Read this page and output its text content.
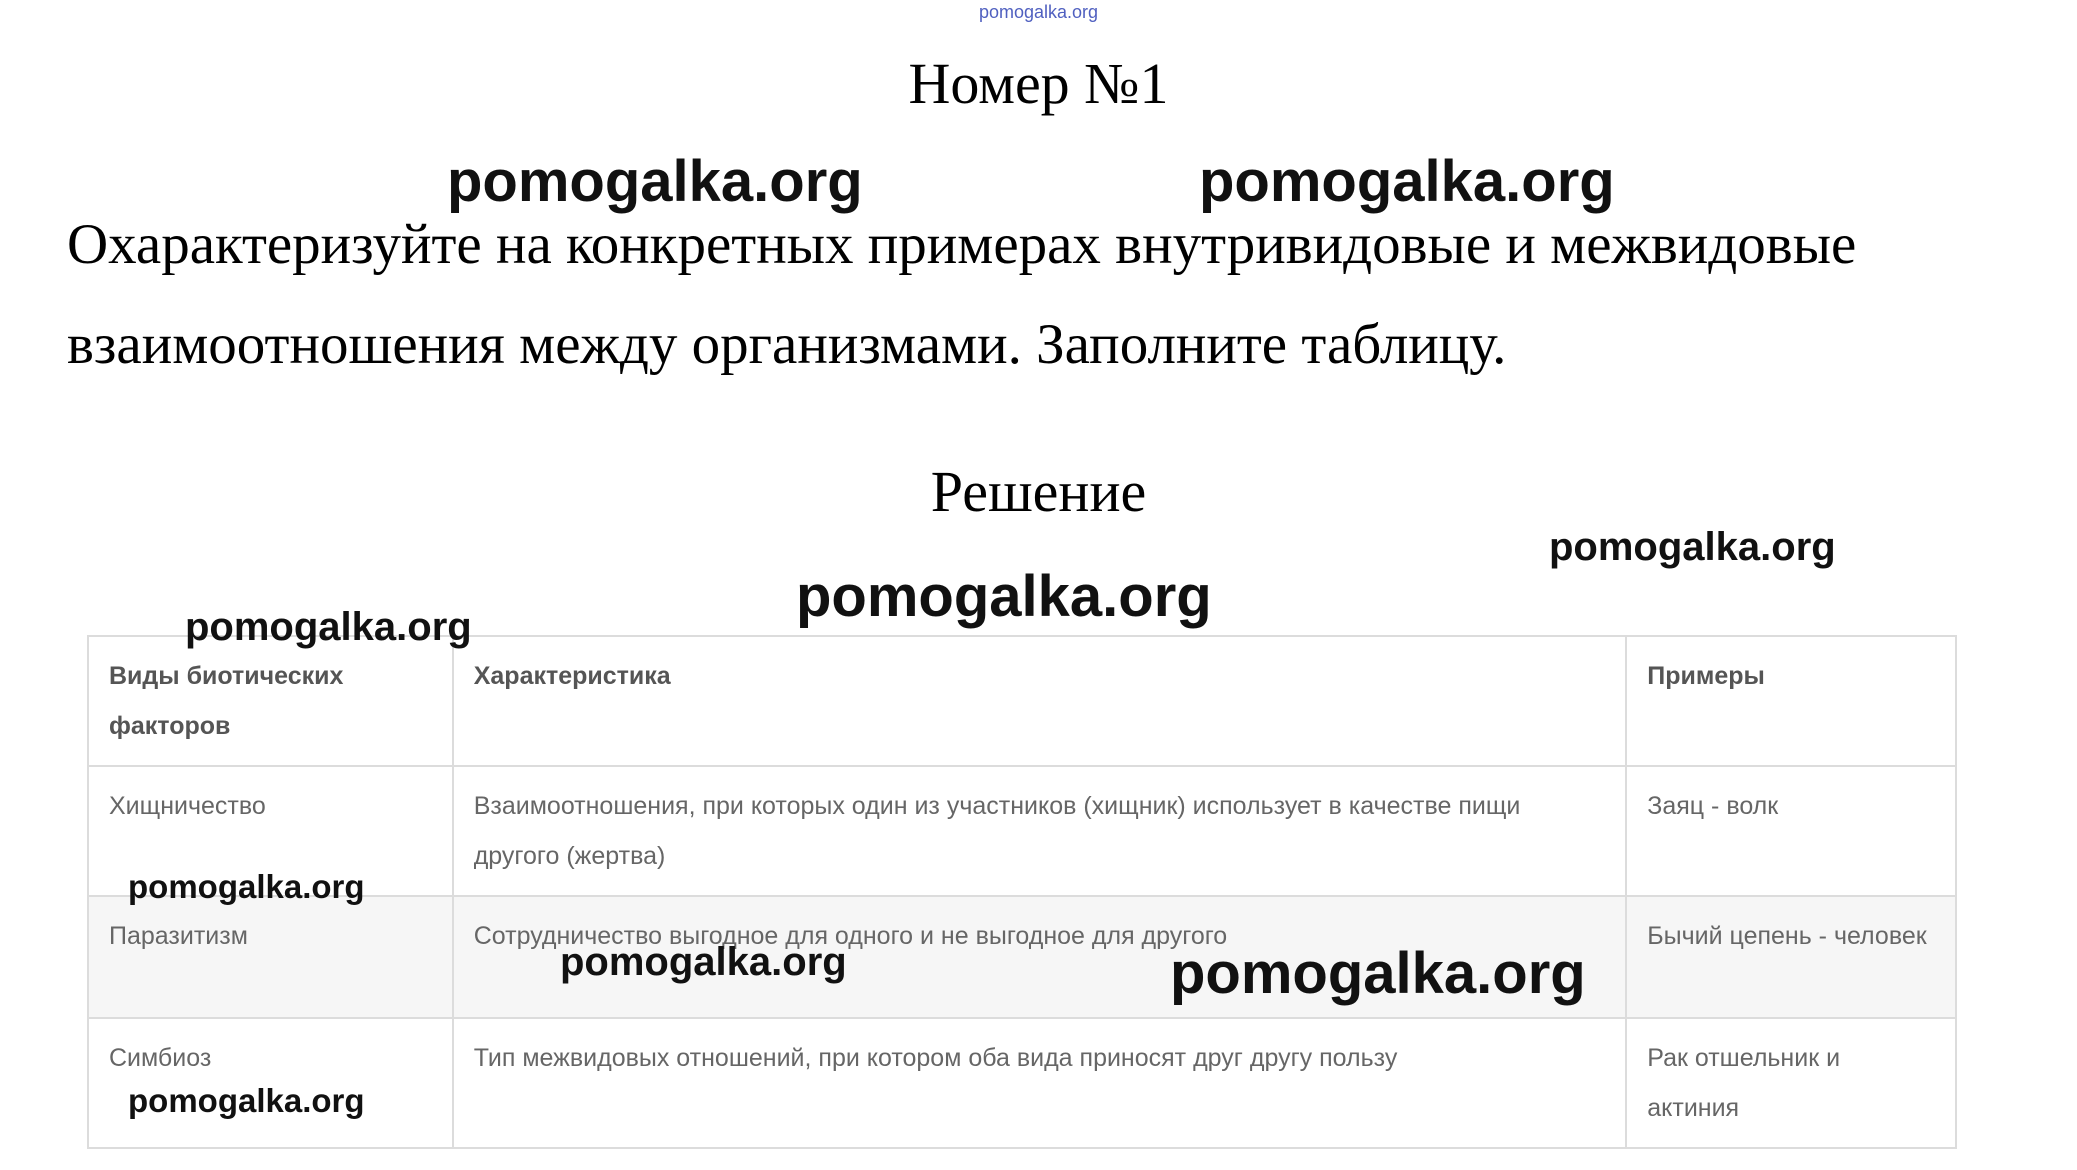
pomogalka.org
Номер №1
Охарактеризуйте на конкретных примерах внутривидовые и межвидовые
взаимоотношения между организмами. Заполните таблицу.
Решение
Виды биотических факторов	Характеристика	Примеры
Хищничество	Взаимоотношения, при которых один из участников (хищник) использует в качестве пищи другого (жертва)	Заяц - волк
Паразитизм	Сотрудничество выгодное для одного и не выгодное для другого	Бычий цепень - человек
Симбиоз	Тип межвидовых отношений, при котором оба вида приносят друг другу пользу	Рак отшельник и актиния
pomogalka.org	pomogalka.org
pomogalka.org
pomogalka.org
pomogalka.org
pomogalka.org
pomogalka.org	pomogalka.org
pomogalka.org
